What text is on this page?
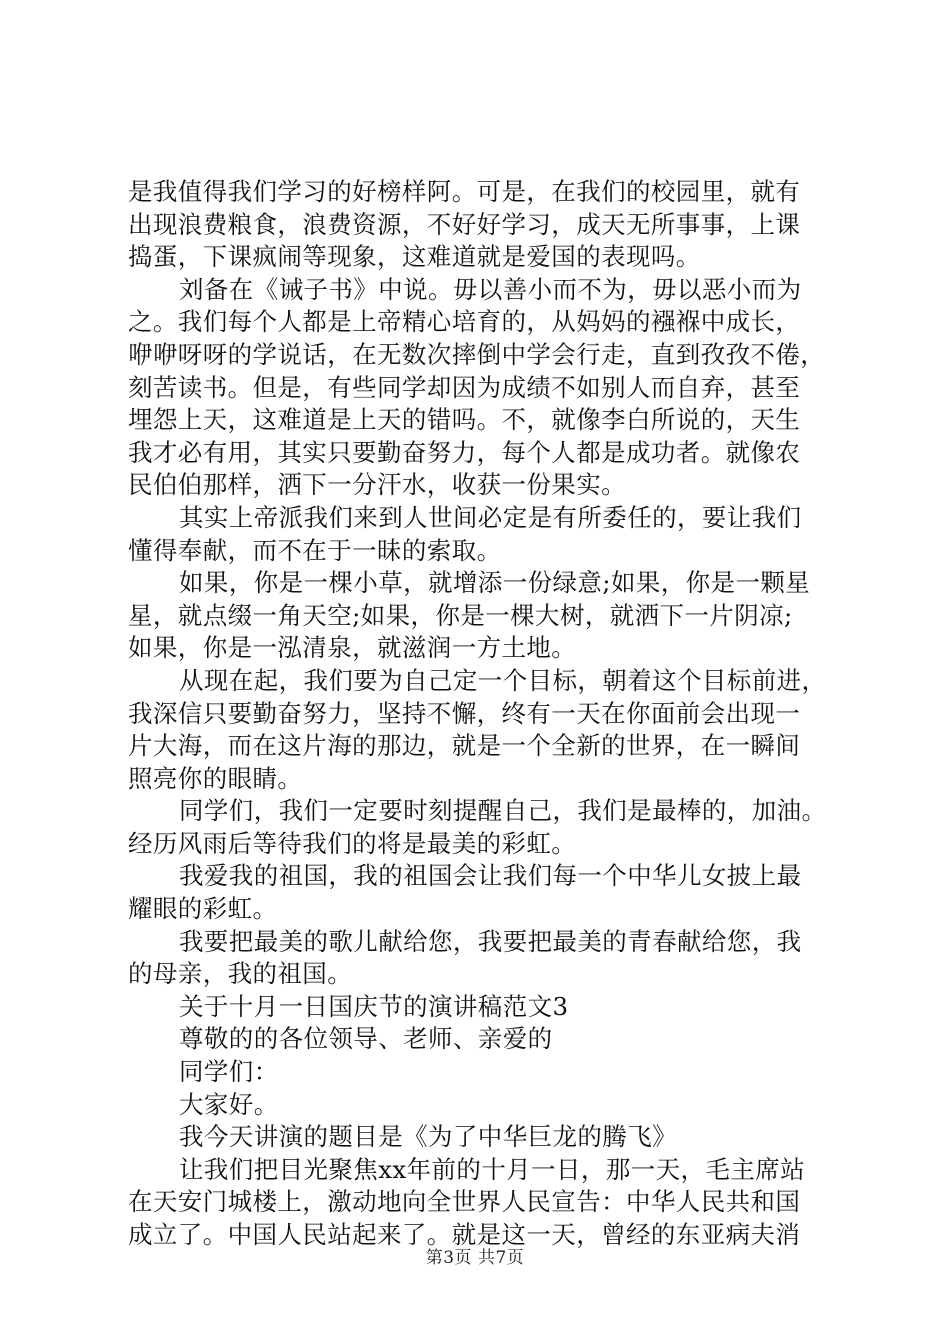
是我值得我们学习的好榜样阿。可是，在我们的校园里，就有
出现浪费粮食，浪费资源，不好好学习，成天无所事事，上课
捣蛋，下课疯闹等现象，这难道就是爱国的表现吗。
刘备在《诫子书》中说。毋以善小而不为，毋以恶小而为
之。我们每个人都是上帝精心培育的，从妈妈的襁褓中成长，
咿咿呀呀的学说话，在无数次摔倒中学会行走，直到孜孜不倦，
刻苦读书。但是，有些同学却因为成绩不如别人而自弃，甚至
埋怨上天，这难道是上天的错吗。不，就像李白所说的，天生
我才必有用，其实只要勤奋努力，每个人都是成功者。就像农
民伯伯那样，洒下一分汗水，收获一份果实。
其实上帝派我们来到人世间必定是有所委任的，要让我们
懂得奉献，而不在于一昧的索取。
如果，你是一棵小草，就增添一份绿意;如果，你是一颗星
星，就点缀一角天空;如果，你是一棵大树，就洒下一片阴凉;
如果，你是一泓清泉，就滋润一方土地。
从现在起，我们要为自己定一个目标，朝着这个目标前进，
我深信只要勤奋努力，坚持不懈，终有一天在你面前会出现一
片大海，而在这片海的那边，就是一个全新的世界，在一瞬间
照亮你的眼睛。
同学们，我们一定要时刻提醒自己，我们是最棒的，加油。
经历风雨后等待我们的将是最美的彩虹。
我爱我的祖国，我的祖国会让我们每一个中华儿女披上最
耀眼的彩虹。
我要把最美的歌儿献给您，我要把最美的青春献给您，我
的母亲，我的祖国。
关于十月一日国庆节的演讲稿范文3
尊敬的的各位领导、老师、亲爱的
同学们：
大家好。
我今天讲演的题目是《为了中华巨龙的腾飞》
让我们把目光聚焦xx年前的十月一日，那一天，毛主席站
在天安门城楼上，激动地向全世界人民宣告：中华人民共和国
成立了。中国人民站起来了。就是这一天，曾经的东亚病夫消
第3页 共7页
